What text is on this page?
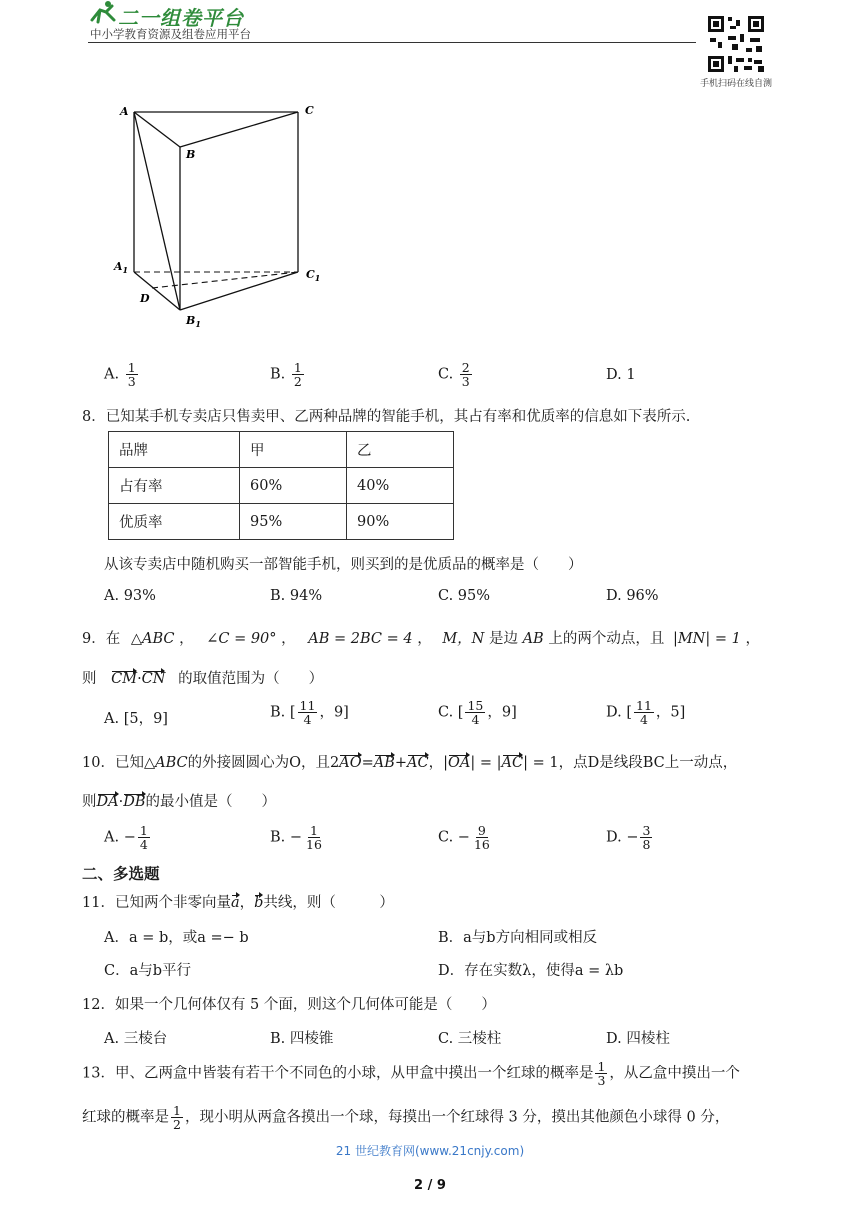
二一组卷平台
中小学教育资源及组卷应用平台
手机扫码在线自测
A	C
B
$A_1$	$C_1$
D
$B_1$
A. $\frac{1}{3}$	B. $\frac{1}{2}$	C. $\frac{2}{3}$	D. 1
8．已知某手机专卖店只售卖甲、乙两种品牌的智能手机，其占有率和优质率的信息如下表所示.
品牌	甲	乙
占有率	60%	40%
优质率	95%	90%
从该专卖店中随机购买一部智能手机，则买到的是优质品的概率是（　　）
A. 93%	B. 94%	C. 95%	D. 96%
9．在 △ABC ， ∠C = 90° ， AB = 2BC = 4 ， M，N 是边 AB 上的两个动点，且 |MN| = 1 ，
则 CM·CN 的取值范围为（　　）
A. [5，9]	B. [ $\frac{11}{4}$ ，9]	C. [ $\frac{15}{4}$ ，9]	D. [ $\frac{11}{4}$ ，5]
10．已知△ABC的外接圆圆心为O，且2AO=AB+AC，|OA| = |AC| = 1，点D是线段BC上一动点，
则DA·DB的最小值是（　　）
A. − $\frac{1}{4}$	B. − $\frac{1}{16}$	C. − $\frac{9}{16}$	D. − $\frac{3}{8}$
二、多选题
11．已知两个非零向量a，b共线，则（　　　）
A．a = b，或a =− b	B．a与b方向相同或相反
C．a与b平行	D．存在实数λ，使得a = λb
12．如果一个几何体仅有 5 个面，则这个几何体可能是（　　）
A. 三棱台	B. 四棱锥	C. 三棱柱	D. 四棱柱
13．甲、乙两盒中皆装有若干个不同色的小球，从甲盒中摸出一个红球的概率是 $\frac{1}{3}$ ，从乙盒中摸出一个
红球的概率是 $\frac{1}{2}$ ，现小明从两盒各摸出一个球，每摸出一个红球得 3 分，摸出其他颜色小球得 0 分，
21 世纪教育网(www.21cnjy.com)
2 / 9
